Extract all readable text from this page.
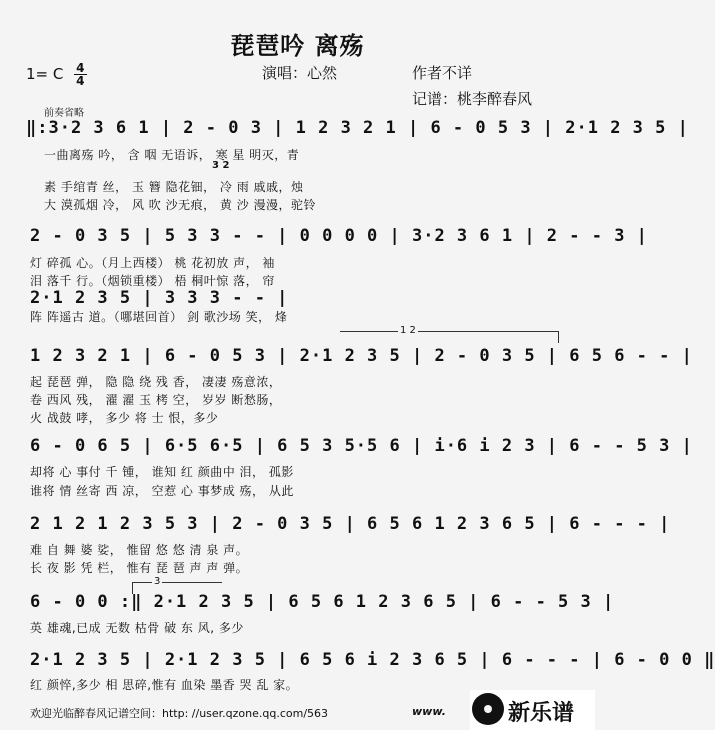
琵琶吟 离殇
1= C $\frac{4}{4}$	演唱：心然	作者不详
记谱：桃李醉春风
前奏省略
‖:3·2 3 6 1 | 2 - 0 3 | 1 2 3 2 1 | 6 - 0 5 3 | 2·1 2 3 5 |
一曲离殇 吟， 含 咽 无语诉， 寒 星 明灭，青
3 2
素 手绾青 丝， 玉 簪 隐花钿， 冷 雨 戚戚，烛
大 漠孤烟 冷， 风 吹 沙无痕， 黄 沙 漫漫，驼铃
2 - 0 3 5 | 5 3 3 - - | 0 0 0 0 | 3·2 3 6 1 | 2 - - 3 |
灯 碎孤 心。（月上西楼） 桃 花初放 声， 袖
泪 落千 行。（烟锁重楼） 梧 桐叶惊 落， 帘
2·1 2 3 5 | 3 3 3 - - |
阵 阵遥古 道。（哪堪回首） 剑 歌沙场 笑， 烽
1 2
1 2 3 2 1 | 6 - 0 5 3 | 2·1 2 3 5 | 2 - 0 3 5 | 6 5 6 - - |
起 琵琶 弹， 隐 隐 绕 残 香， 凄凄 殇意浓，
卷 西风 残， 濯 濯 玉 栲 空， 岁岁 断愁肠，
火 战鼓 哮， 多少 将 士 恨，多少
6 - 0 6 5 | 6·5 6·5 | 6 5 3 5·5 6 | i·6 i 2 3 | 6 - - 5 3 |
却将 心 事付 千 锺， 谁知 红 颜曲中 泪， 孤影
谁将 情 丝寄 西 凉， 空惹 心 事梦成 殇， 从此
2 1 2 1 2 3 5 3 | 2 - 0 3 5 | 6 5 6 1 2 3 6 5 | 6 - - - |
难 自 舞 婆 娑， 惟留 悠 悠 清 泉 声。
长 夜 影 凭 栏， 惟有 琵 琶 声 声 弹。
3
6 - 0 0 :‖ 2·1 2 3 5 | 6 5 6 1 2 3 6 5 | 6 - - 5 3 |
英 雄魂,已成 无数 枯骨 破 东 风, 多少
2·1 2 3 5 | 2·1 2 3 5 | 6 5 6 i 2 3 6 5 | 6 - - - | 6 - 0 0 ‖
红 颜悴,多少 相 思碎,惟有 血染 墨香 哭 乱 家。
欢迎光临醉春风记谱空间：http: //user.qzone.qq.com/563	www.	新乐谱
